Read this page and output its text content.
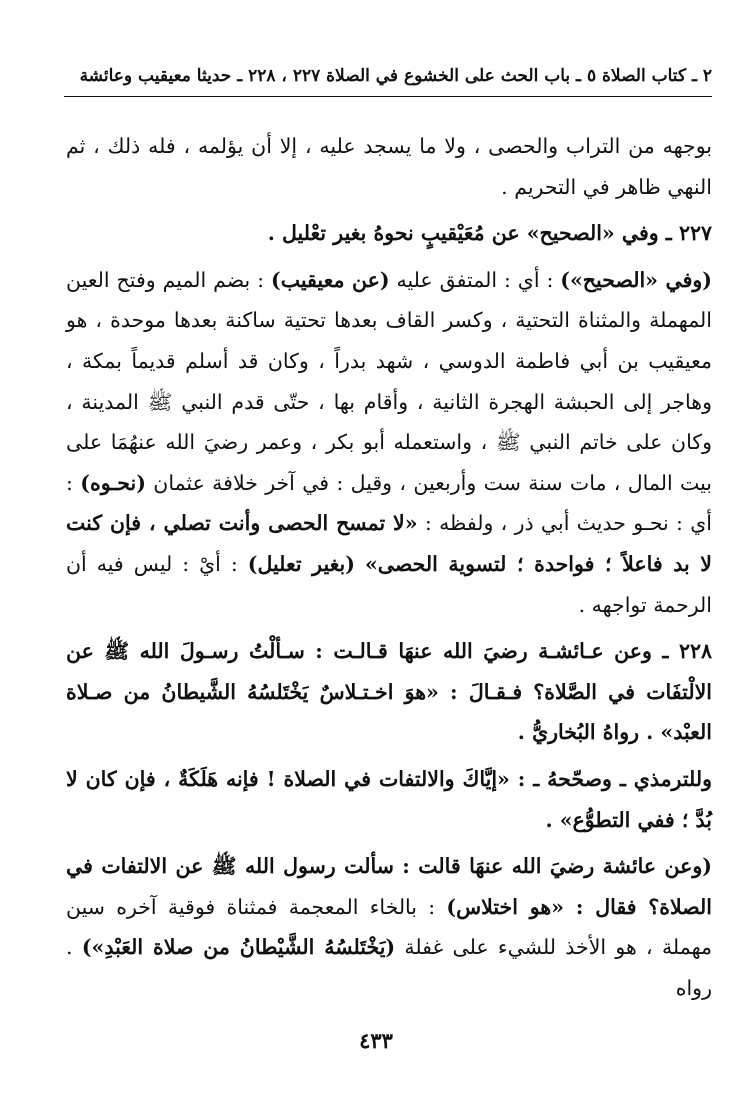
٢ ـ كتاب الصلاة ٥ ـ باب الحث على الخشوع في الصلاة ٢٢٧ ، ٢٢٨ ـ حديثا معيقيب وعائشة

بوجهه من التراب والحصى ، ولا ما يسجد عليه ، إلا أن يؤلمه ، فله ذلك ، ثم النهي ظاهر في التحريم .

٢٢٧ ـ وفي «الصحيح» عن مُعَيْقيبٍ نحوهُ بغير تعْليل .

(وفي «الصحيح») : أي : المتفق عليه (عن معيقيب) : بضم الميم وفتح العين المهملة والمثناة التحتية ، وكسر القاف بعدها تحتية ساكنة بعدها موحدة ، هو معيقيب بن أبي فاطمة الدوسي ، شهد بدراً ، وكان قد أسلم قديماً بمكة ، وهاجر إلى الحبشة الهجرة الثانية ، وأقام بها ، حتّى قدم النبي ﷺ المدينة ، وكان على خاتم النبي ﷺ ، واستعمله أبو بكر ، وعمر رضيَ الله عنهُمَا على بيت المال ، مات سنة ست وأربعين ، وقيل : في آخر خلافة عثمان (نحـوه) : أي : نحـو حديث أبي ذر ، ولفظه : «لا تمسح الحصى وأنت تصلي ، فإن كنت لا بد فاعلاً ؛ فواحدة ؛ لتسوية الحصى» (بغير تعليل) : أيْ : ليس فيه أن الرحمة تواجهه .

٢٢٨ ـ وعن عـائشـة رضيَ الله عنهَا قـالـت : سـألْتُ رسـولَ الله ﷺ عن الالْتفَات في الصَّلاة؟ فـقـالَ : «هوَ اخـتـلاسٌ يَخْتَلسُهُ الشَّيطانُ من صـلاة العبْد» . رواهُ البُخاريُّ .

وللترمذي ـ وصحّحهُ ـ : «إيَّاكَ والالتفات في الصلاة ! فإنه هَلَكَةٌ ، فإن كان لا بُدَّ ؛ ففي التطوُّع» .

(وعن عائشة رضيَ الله عنهَا قالت : سألت رسول الله ﷺ عن الالتفات في الصلاة؟ فقال : «هو اختلاس) : بالخاء المعجمة فمثناة فوقية آخره سين مهملة ، هو الأخذ للشيء على غفلة (يَخْتَلسُهُ الشَّيْطانُ من صلاة العَبْدِ») . رواه

٤٣٣
